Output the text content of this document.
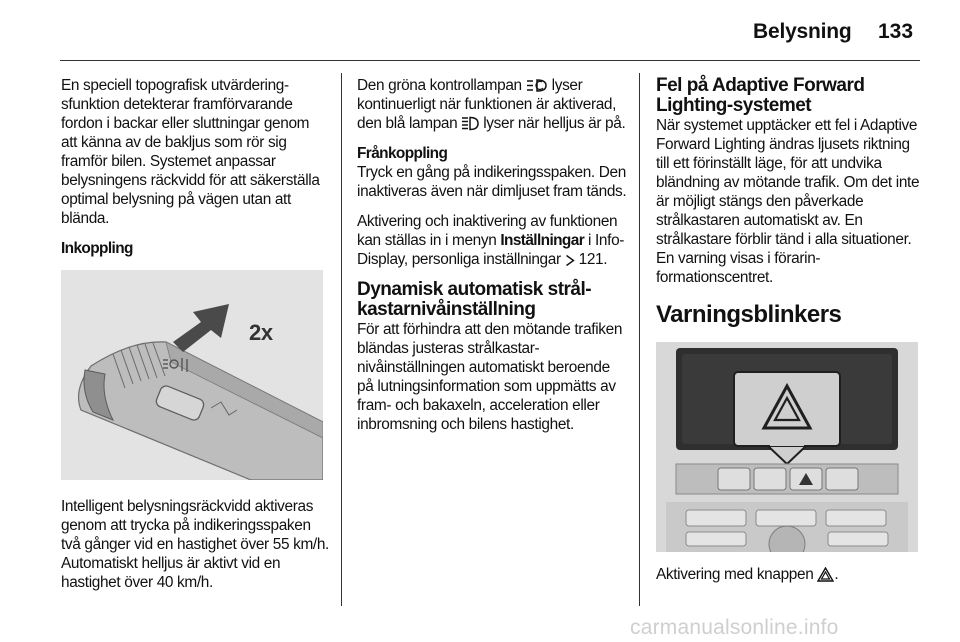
Belysning 133

En speciell topografisk utvärderingsfunktion detekterar framförvarande fordon i backar eller sluttningar genom att känna av de bakljus som rör sig framför bilen. Systemet anpassar belysningens räckvidd för att säkerställa optimal belysning på vägen utan att blända.

Inkoppling

2x

Intelligent belysningsräckvidd aktiveras genom att trycka på indikeringsspaken två gånger vid en hastighet över 55 km/h. Automatiskt helljus är aktivt vid en hastighet över 40 km/h.

Den gröna kontrollampan lyser kontinuerligt när funktionen är aktiverad, den blå lampan lyser när helljus är på.

Frånkoppling

Tryck en gång på indikeringsspaken. Den inaktiveras även när dimljuset fram tänds.

Aktivering och inaktivering av funktionen kan ställas in i menyn Inställningar i Info-Display, personliga inställningar 121.

Dynamisk automatisk strålkastarnivåinställning

För att förhindra att den mötande trafiken bländas justeras strålkastarnivåinställningen automatiskt beroende på lutningsinformation som uppmätts av fram- och bakaxeln, acceleration eller inbromsning och bilens hastighet.

Fel på Adaptive Forward Lighting-systemet

När systemet upptäcker ett fel i Adaptive Forward Lighting ändras ljusets riktning till ett förinställt läge, för att undvika bländning av mötande trafik. Om det inte är möjligt stängs den påverkade strålkastaren automatiskt av. En strålkastare förblir tänd i alla situationer. En varning visas i förarinformationscentret.

Varningsblinkers

Aktivering med knappen .

carmanualsonline.info
